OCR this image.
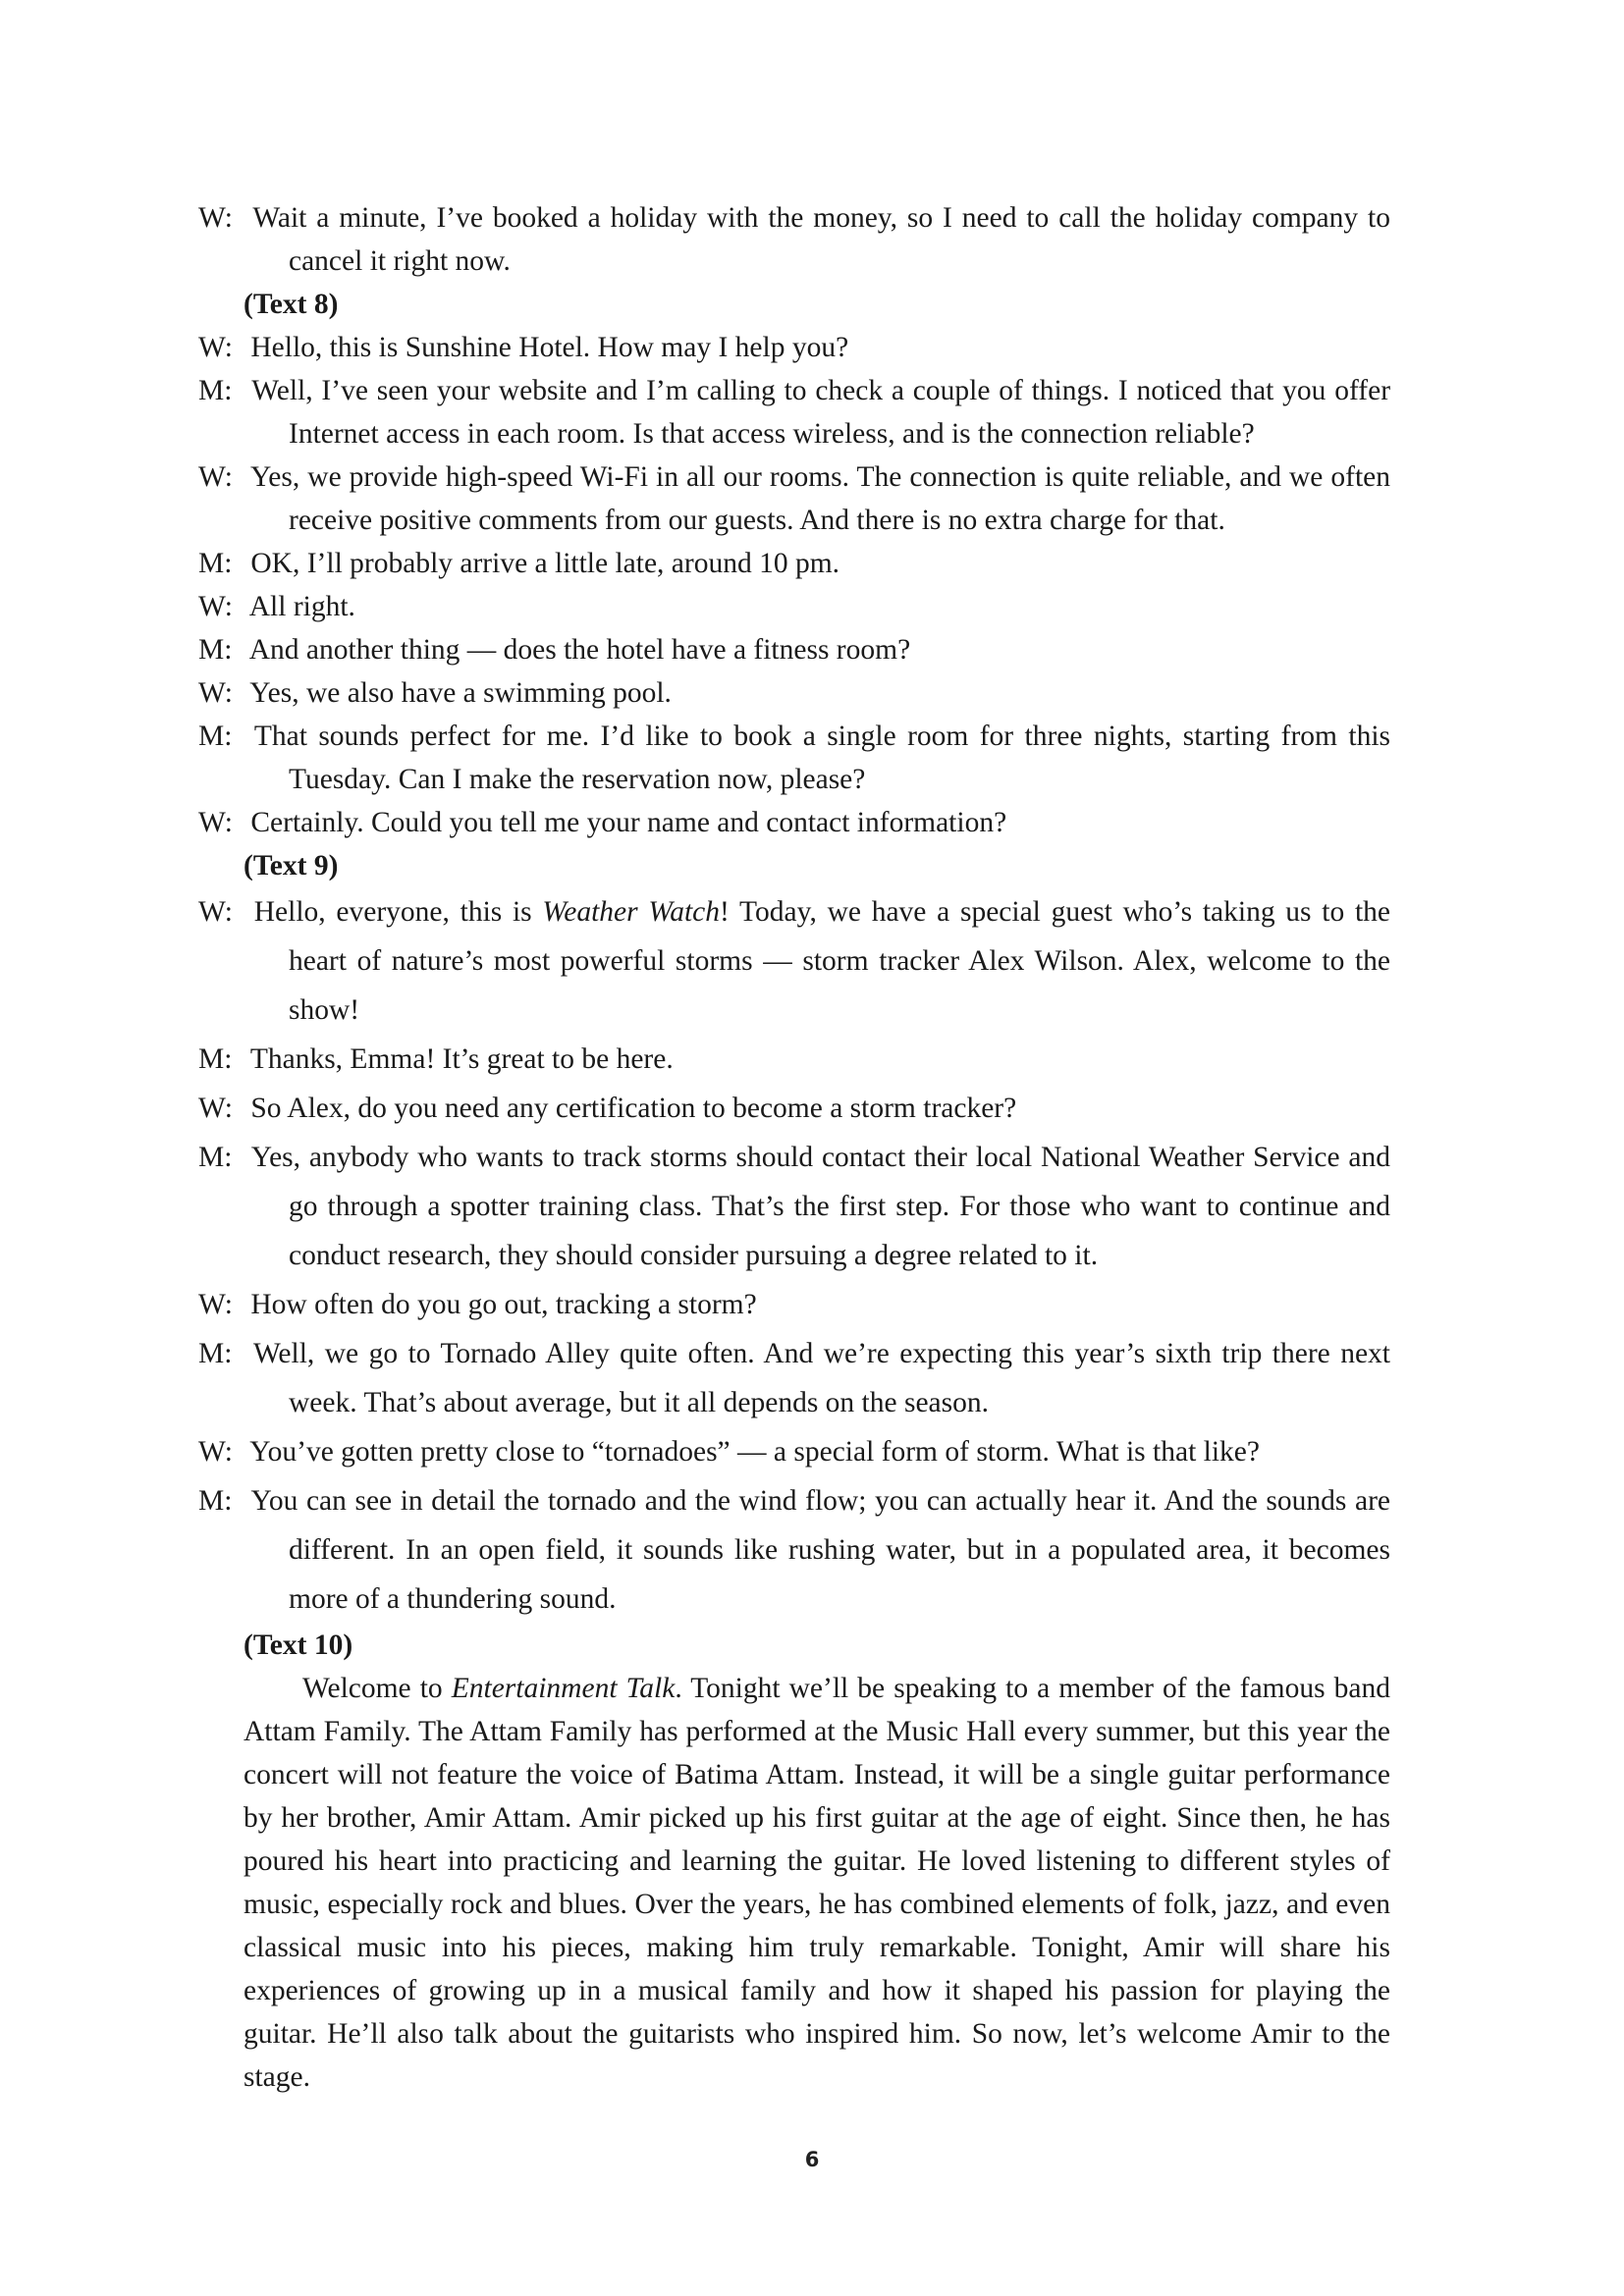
W:  Wait a minute, I’ve booked a holiday with the money, so I need to call the holiday company to cancel it right now.
(Text 8)
W:  Hello, this is Sunshine Hotel. How may I help you?
M:  Well, I’ve seen your website and I’m calling to check a couple of things. I noticed that you offer Internet access in each room. Is that access wireless, and is the connection reliable?
W:  Yes, we provide high-speed Wi-Fi in all our rooms. The connection is quite reliable, and we often receive positive comments from our guests. And there is no extra charge for that.
M:  OK, I’ll probably arrive a little late, around 10 pm.
W:  All right.
M:  And another thing — does the hotel have a fitness room?
W:  Yes, we also have a swimming pool.
M:  That sounds perfect for me. I’d like to book a single room for three nights, starting from this Tuesday. Can I make the reservation now, please?
W:  Certainly. Could you tell me your name and contact information?
(Text 9)
W:  Hello, everyone, this is Weather Watch! Today, we have a special guest who’s taking us to the heart of nature’s most powerful storms — storm tracker Alex Wilson. Alex, welcome to the show!
M:  Thanks, Emma! It’s great to be here.
W:  So Alex, do you need any certification to become a storm tracker?
M:  Yes, anybody who wants to track storms should contact their local National Weather Service and go through a spotter training class. That’s the first step. For those who want to continue and conduct research, they should consider pursuing a degree related to it.
W:  How often do you go out, tracking a storm?
M:  Well, we go to Tornado Alley quite often. And we’re expecting this year’s sixth trip there next week. That’s about average, but it all depends on the season.
W:  You’ve gotten pretty close to “tornadoes” — a special form of storm. What is that like?
M:  You can see in detail the tornado and the wind flow; you can actually hear it. And the sounds are different. In an open field, it sounds like rushing water, but in a populated area, it becomes more of a thundering sound.
(Text 10)
Welcome to Entertainment Talk. Tonight we’ll be speaking to a member of the famous band Attam Family. The Attam Family has performed at the Music Hall every summer, but this year the concert will not feature the voice of Batima Attam. Instead, it will be a single guitar performance by her brother, Amir Attam. Amir picked up his first guitar at the age of eight. Since then, he has poured his heart into practicing and learning the guitar. He loved listening to different styles of music, especially rock and blues. Over the years, he has combined elements of folk, jazz, and even classical music into his pieces, making him truly remarkable. Tonight, Amir will share his experiences of growing up in a musical family and how it shaped his passion for playing the guitar. He’ll also talk about the guitarists who inspired him. So now, let’s welcome Amir to the stage.
6
